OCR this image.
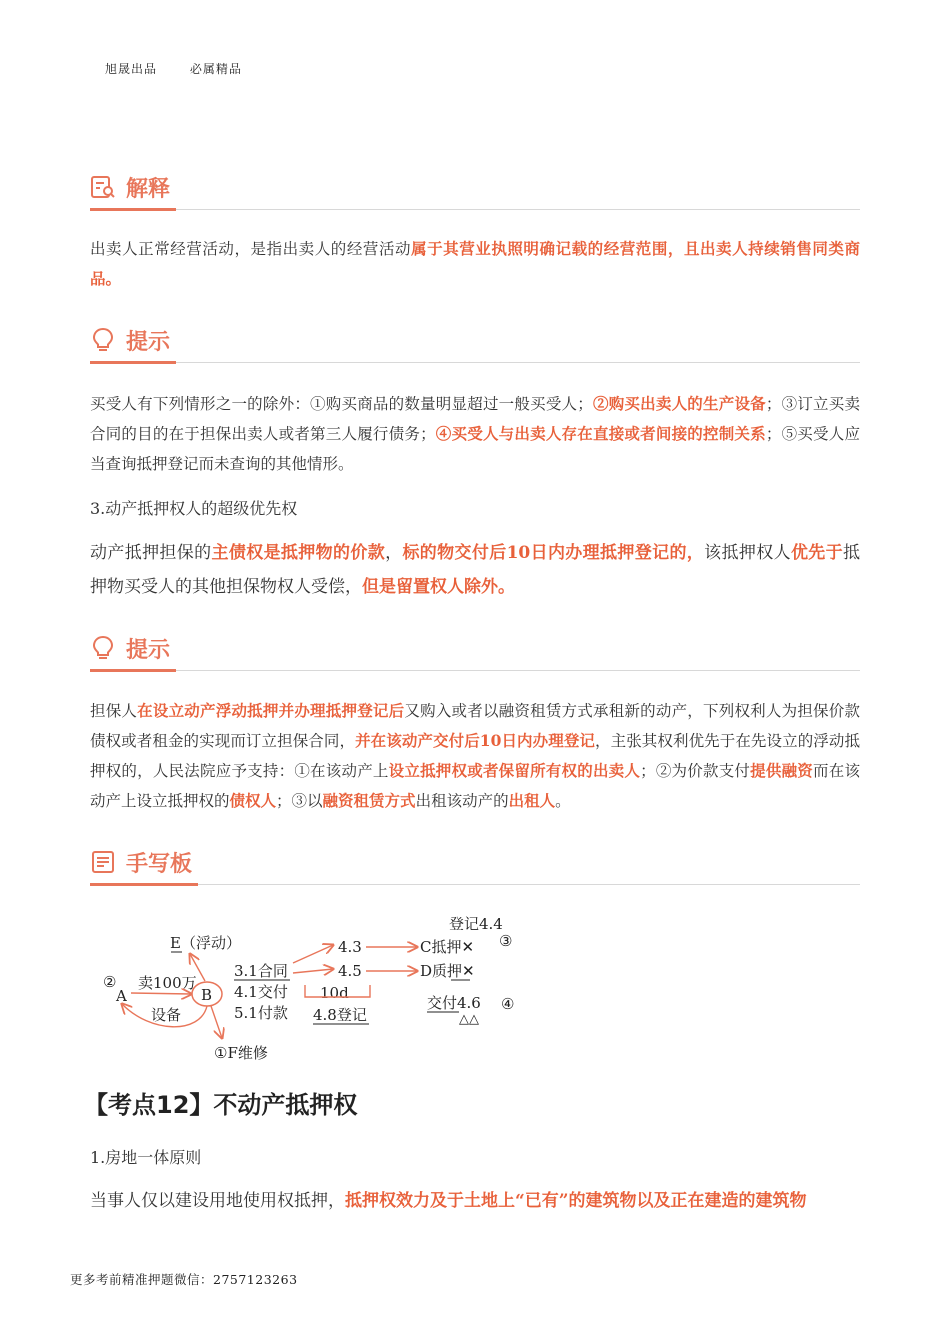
旭晟出品	必属精品
解释
出卖人正常经营活动，是指出卖人的经营活动属于其营业执照明确记载的经营范围，且出卖人持续销售同类商品。
提示
买受人有下列情形之一的除外：①购买商品的数量明显超过一般买受人；②购买出卖人的生产设备；③订立买卖合同的目的在于担保出卖人或者第三人履行债务；④买受人与出卖人存在直接或者间接的控制关系；⑤买受人应当查询抵押登记而未查询的其他情形。
3.动产抵押权人的超级优先权
动产抵押担保的主债权是抵押物的价款，标的物交付后10日内办理抵押登记的，该抵押权人优先于抵押物买受人的其他担保物权人受偿，但是留置权人除外。
提示
担保人在设立动产浮动抵押并办理抵押登记后又购入或者以融资租赁方式承租新的动产，下列权利人为担保价款债权或者租金的实现而订立担保合同，并在该动产交付后10日内办理登记，主张其权利优先于在先设立的浮动抵押权的，人民法院应予支持：①在该动产上设立抵押权或者保留所有权的出卖人；②为价款支付提供融资而在该动产上设立抵押权的债权人；③以融资租赁方式出租该动产的出租人。
手写板
E（浮动）
②
A
卖100万
B
设备
①F维修
3.1合同
4.1交付
5.1付款
10d
4.8登记
4.3
4.5
C抵押✕
D质押✕
登记4.4
③
交付4.6
△△
④
【考点12】不动产抵押权
1.房地一体原则
当事人仅以建设用地使用权抵押，抵押权效力及于土地上“已有”的建筑物以及正在建造的建筑物
更多考前精准押题微信：2757123263
